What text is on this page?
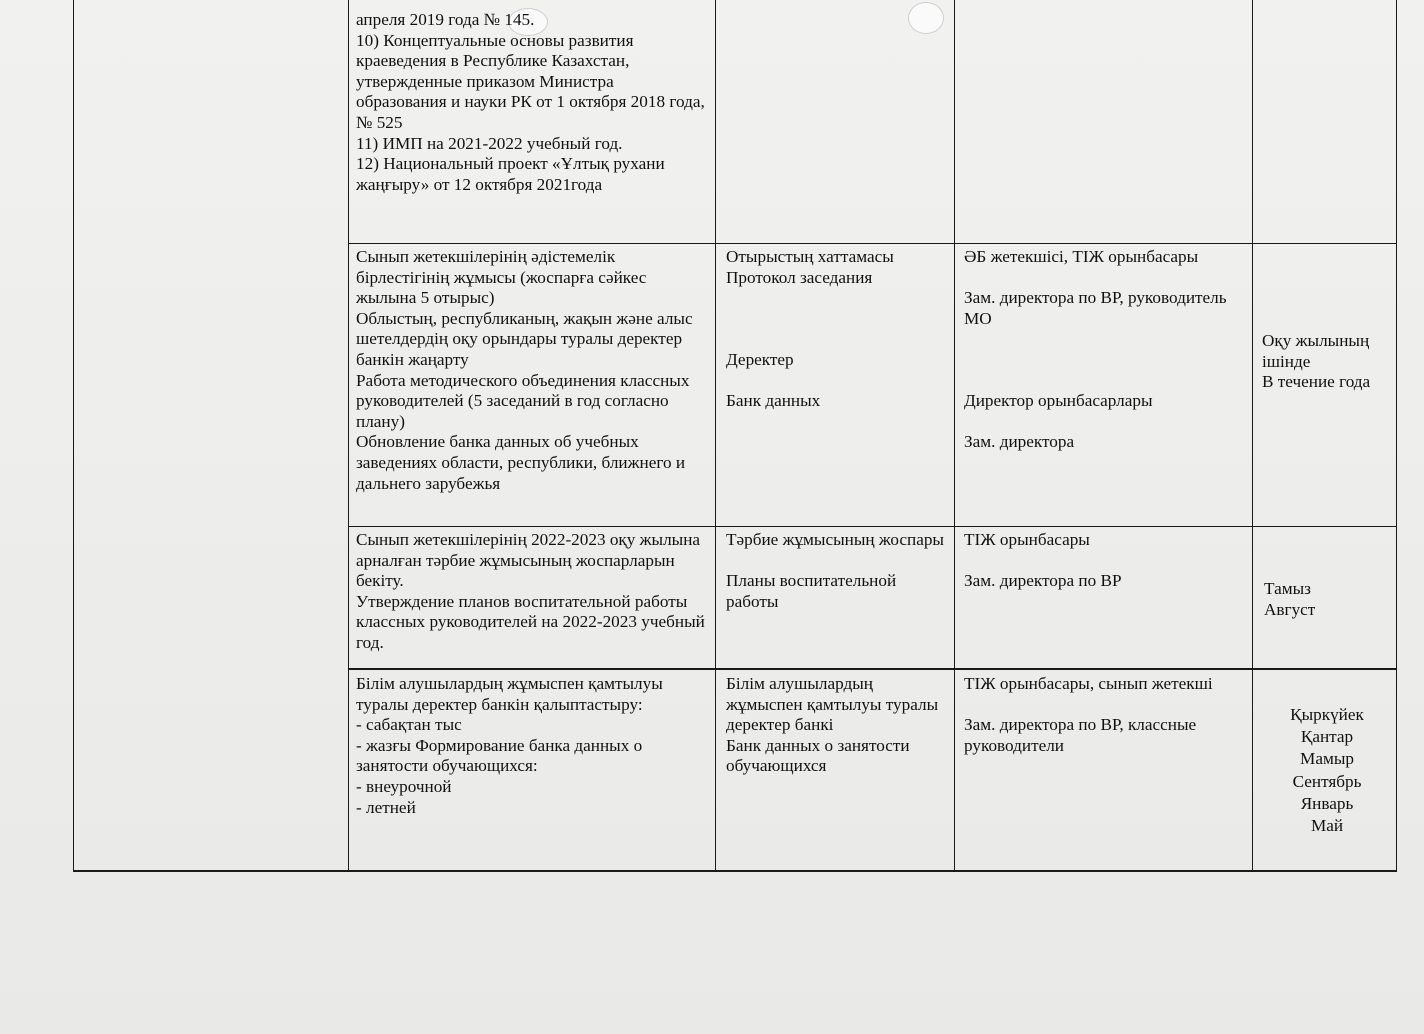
апреля 2019 года № 145.
10) Концептуальные основы развития краеведения в Республике Казахстан, утвержденные приказом Министра образования и науки РК от 1 октября 2018 года, № 525
11) ИМП на 2021-2022 учебный год.
12) Национальный проект «Ұлтық рухани жаңғыру» от 12 октября 2021года
Сынып жетекшілерінің әдістемелік бірлестігінің жұмысы (жоспарға сәйкес жылына 5 отырыс)
Облыстың, республиканың, жақын және алыс шетелдердің оқу орындары туралы деректер банкін жаңарту
Работа методического объединения классных руководителей (5 заседаний в год согласно плану)
Обновление банка данных об учебных заведениях области, республики, ближнего и дальнего зарубежья
Отырыстың хаттамасы
Протокол заседания

Деректер

Банк данных
ӘБ жетекшісі, ТІЖ орынбасары

Зам. директора по ВР, руководитель МО

Директор орынбасарлары

Зам. директора
Оқу жылының ішінде
В течение года
Сынып жетекшілерінің 2022-2023 оқу жылына арналған тәрбие жұмысының жоспарларын бекіту.
Утверждение планов воспитательной работы классных руководителей на 2022-2023 учебный год.
Тәрбие жұмысының жоспары

Планы воспитательной работы
ТІЖ орынбасары

Зам. директора по ВР	Тамыз
Август
Білім алушылардың жұмыспен қамтылуы туралы деректер банкін қалыптастыру:
- сабақтан тыс
- жазғы Формирование банка данных о занятости обучающихся:
- внеурочной
- летней
Білім алушылардың жұмыспен қамтылуы туралы деректер банкі
Банк данных о занятости обучающихся
ТІЖ орынбасары, сынып жетекші

Зам. директора по ВР, классные руководители
Қыркүйек
Қантар
Мамыр
Сентябрь
Январь
Май
